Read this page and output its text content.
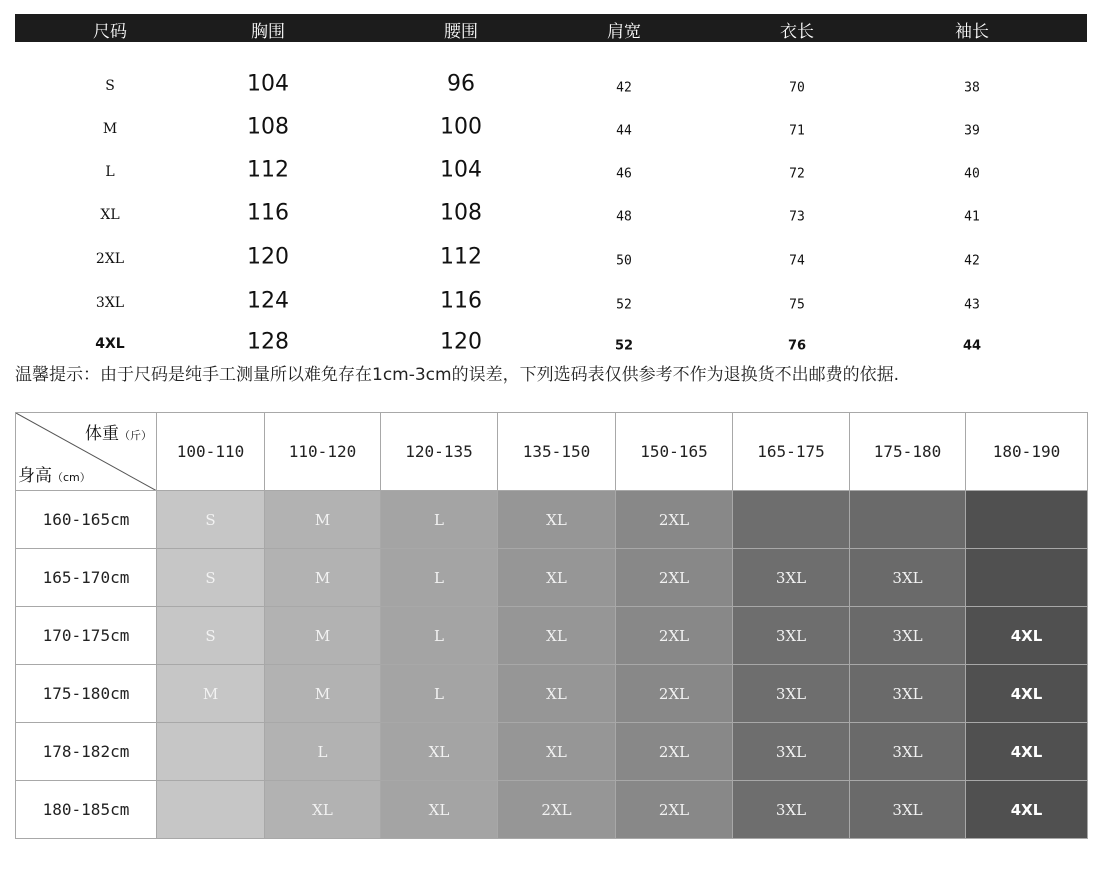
尺码	胸围	腰围	肩宽	衣长	袖长
S	104	96	42	70	38
M	108	100	44	71	39
L	112	104	46	72	40
XL	116	108	48	73	41
2XL	120	112	50	74	42
3XL	124	116	52	75	43
4XL	128	120	52	76	44
温馨提示：由于尺码是纯手工测量所以难免存在1cm-3cm的误差，下列选码表仅供参考不作为退换货不出邮费的依据.
体重（斤）
身高（cm）	100-110	110-120	120-135	135-150	150-165	165-175	175-180	180-190
160-165cm	S	M	L	XL	2XL			
165-170cm	S	M	L	XL	2XL	3XL	3XL	
170-175cm	S	M	L	XL	2XL	3XL	3XL	4XL
175-180cm	M	M	L	XL	2XL	3XL	3XL	4XL
178-182cm		L	XL	XL	2XL	3XL	3XL	4XL
180-185cm		XL	XL	2XL	2XL	3XL	3XL	4XL
